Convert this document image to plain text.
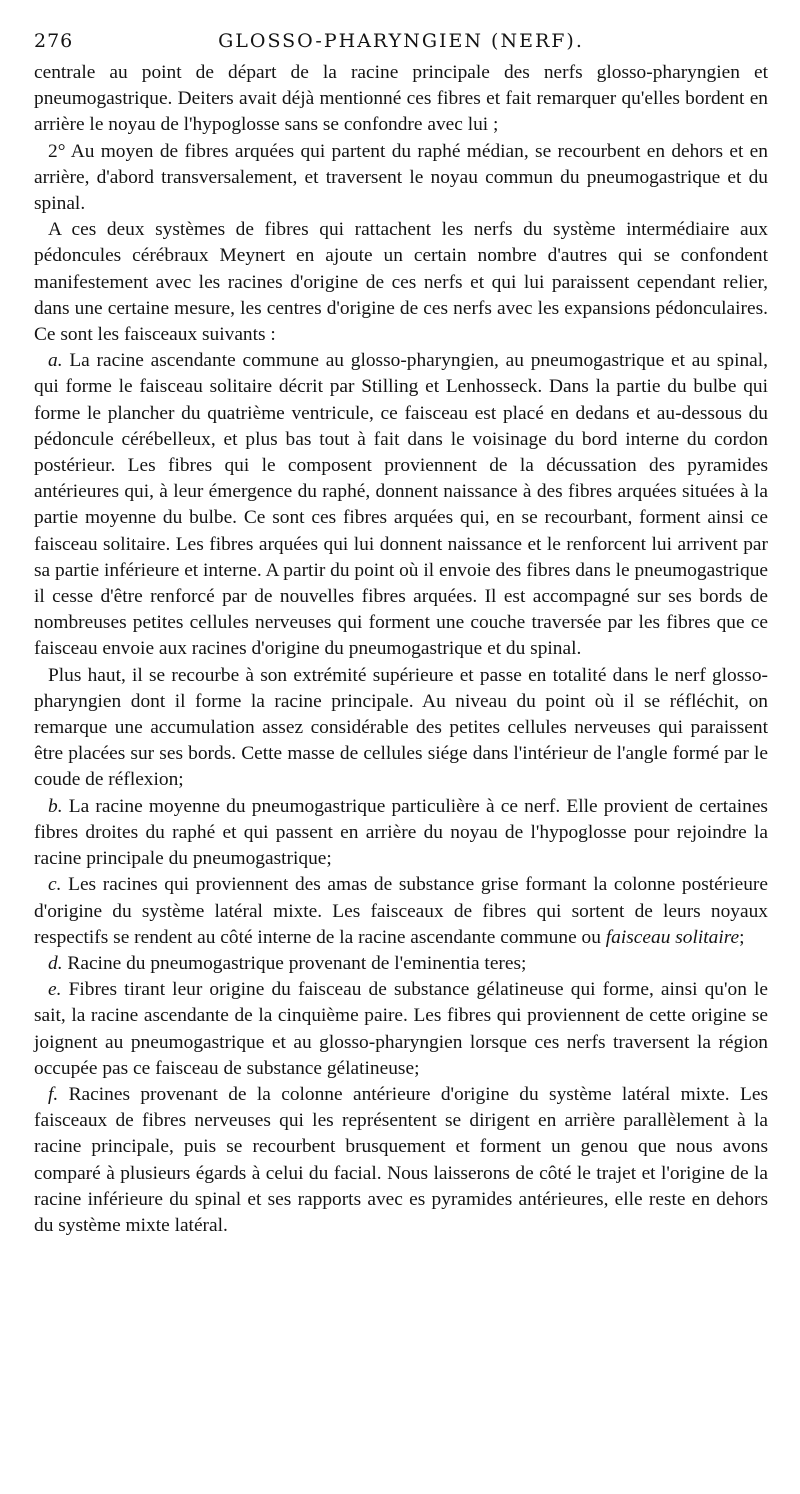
276	GLOSSO-PHARYNGIEN (NERF).

centrale au point de départ de la racine principale des nerfs glosso-pharyngien et pneumogastrique. Deiters avait déjà mentionné ces fibres et fait remarquer qu'elles bordent en arrière le noyau de l'hypoglosse sans se confondre avec lui ;

2° Au moyen de fibres arquées qui partent du raphé médian, se recourbent en dehors et en arrière, d'abord transversalement, et traversent le noyau commun du pneumogastrique et du spinal.

A ces deux systèmes de fibres qui rattachent les nerfs du système intermédiaire aux pédoncules cérébraux Meynert en ajoute un certain nombre d'autres qui se confondent manifestement avec les racines d'origine de ces nerfs et qui lui paraissent cependant relier, dans une certaine mesure, les centres d'origine de ces nerfs avec les expansions pédonculaires. Ce sont les faisceaux suivants :

a. La racine ascendante commune au glosso-pharyngien, au pneumogastrique et au spinal, qui forme le faisceau solitaire décrit par Stilling et Lenhosseck. Dans la partie du bulbe qui forme le plancher du quatrième ventricule, ce faisceau est placé en dedans et au-dessous du pédoncule cérébelleux, et plus bas tout à fait dans le voisinage du bord interne du cordon postérieur. Les fibres qui le composent proviennent de la décussation des pyramides antérieures qui, à leur émergence du raphé, donnent naissance à des fibres arquées situées à la partie moyenne du bulbe. Ce sont ces fibres arquées qui, en se recourbant, forment ainsi ce faisceau solitaire. Les fibres arquées qui lui donnent naissance et le renforcent lui arrivent par sa partie inférieure et interne. A partir du point où il envoie des fibres dans le pneumogastrique il cesse d'être renforcé par de nouvelles fibres arquées. Il est accompagné sur ses bords de nombreuses petites cellules nerveuses qui forment une couche traversée par les fibres que ce faisceau envoie aux racines d'origine du pneumogastrique et du spinal.

Plus haut, il se recourbe à son extrémité supérieure et passe en totalité dans le nerf glosso-pharyngien dont il forme la racine principale. Au niveau du point où il se réfléchit, on remarque une accumulation assez considérable des petites cellules nerveuses qui paraissent être placées sur ses bords. Cette masse de cellules siége dans l'intérieur de l'angle formé par le coude de réflexion;

b. La racine moyenne du pneumogastrique particulière à ce nerf. Elle provient de certaines fibres droites du raphé et qui passent en arrière du noyau de l'hypoglosse pour rejoindre la racine principale du pneumogastrique;

c. Les racines qui proviennent des amas de substance grise formant la colonne postérieure d'origine du système latéral mixte. Les faisceaux de fibres qui sortent de leurs noyaux respectifs se rendent au côté interne de la racine ascendante commune ou faisceau solitaire;

d. Racine du pneumogastrique provenant de l'eminentia teres;

e. Fibres tirant leur origine du faisceau de substance gélatineuse qui forme, ainsi qu'on le sait, la racine ascendante de la cinquième paire. Les fibres qui proviennent de cette origine se joignent au pneumogastrique et au glosso-pharyngien lorsque ces nerfs traversent la région occupée pas ce faisceau de substance gélatineuse;

f. Racines provenant de la colonne antérieure d'origine du système latéral mixte. Les faisceaux de fibres nerveuses qui les représentent se dirigent en arrière parallèlement à la racine principale, puis se recourbent brusquement et forment un genou que nous avons comparé à plusieurs égards à celui du facial. Nous laisserons de côté le trajet et l'origine de la racine inférieure du spinal et ses rapports avec es pyramides antérieures, elle reste en dehors du système mixte latéral.
